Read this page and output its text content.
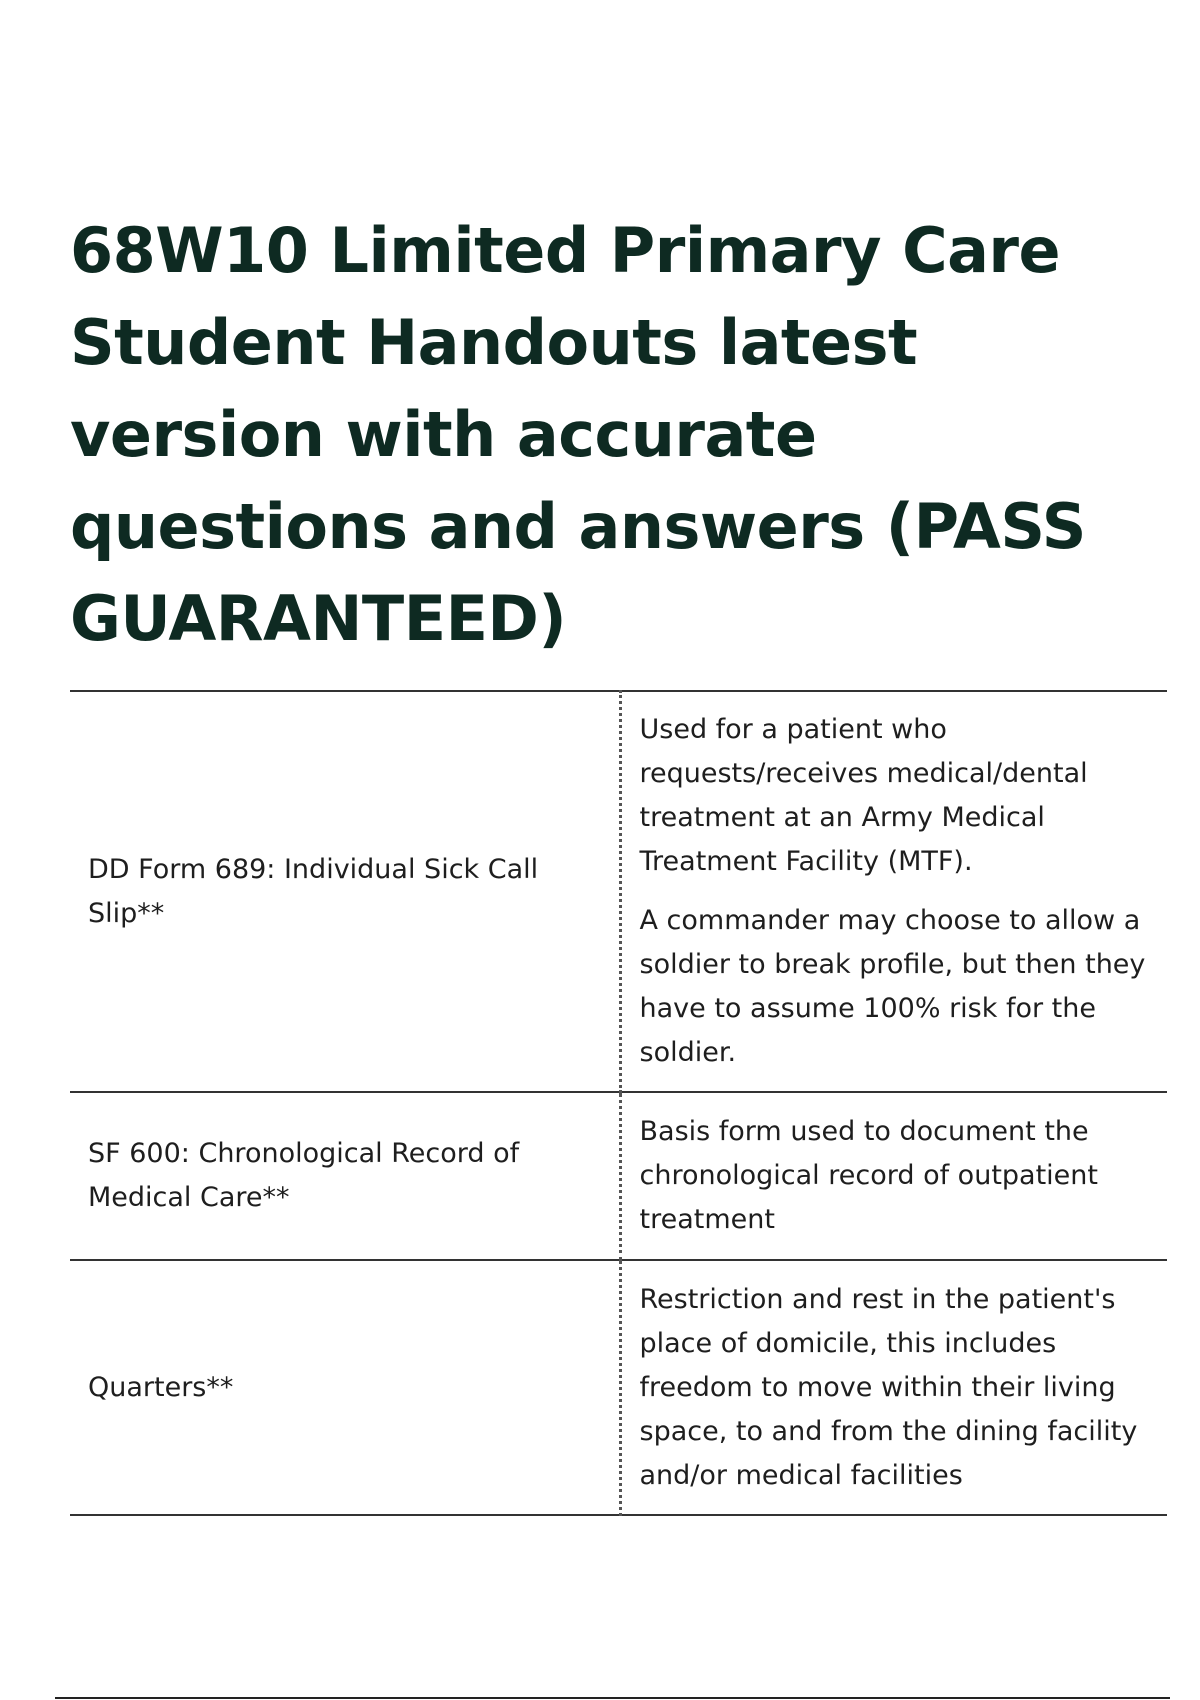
68W10 Limited Primary Care Student Handouts latest version with accurate questions and answers (PASS GUARANTEED)
DD Form 689: Individual Sick Call Slip**	Used for a patient who requests/receives medical/dental treatment at an Army Medical Treatment Facility (MTF).

A commander may choose to allow a soldier to break profile, but then they have to assume 100% risk for the soldier.

SF 600: Chronological Record of Medical Care**	Basis form used to document the chronological record of outpatient treatment

Quarters**	Restriction and rest in the patient's place of domicile, this includes freedom to move within their living space, to and from the dining facility and/or medical facilities
